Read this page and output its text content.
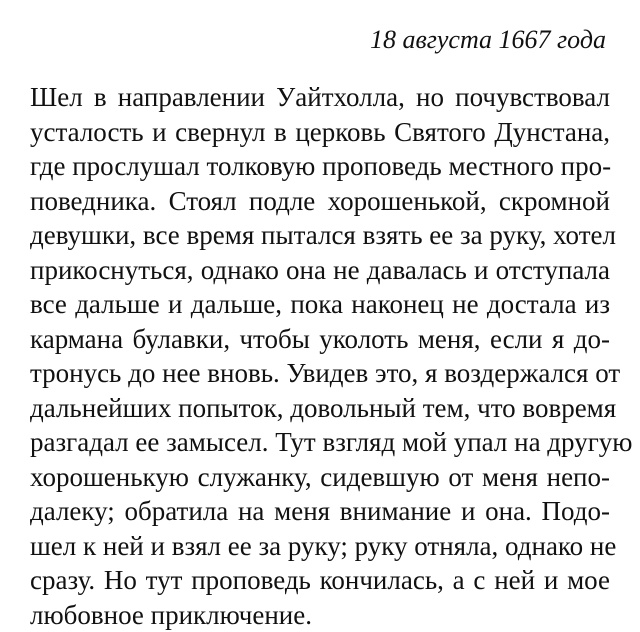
18 августа 1667 года
Шел в направлении Уайтхолла, но почувствовал
усталость и свернул в церковь Святого Дунстана,
где прослушал толковую проповедь местного про-
поведника. Стоял подле хорошенькой, скромной
девушки, все время пытался взять ее за руку, хотел
прикоснуться, однако она не давалась и отступала
все дальше и дальше, пока наконец не достала из
кармана булавки, чтобы уколоть меня, если я до-
тронусь до нее вновь. Увидев это, я воздержался от
дальнейших попыток, довольный тем, что вовремя
разгадал ее замысел. Тут взгляд мой упал на другую
хорошенькую служанку, сидевшую от меня непо-
далеку; обратила на меня внимание и она. Подо-
шел к ней и взял ее за руку; руку отняла, однако не
сразу. Но тут проповедь кончилась, а с ней и мое
любовное приключение.
